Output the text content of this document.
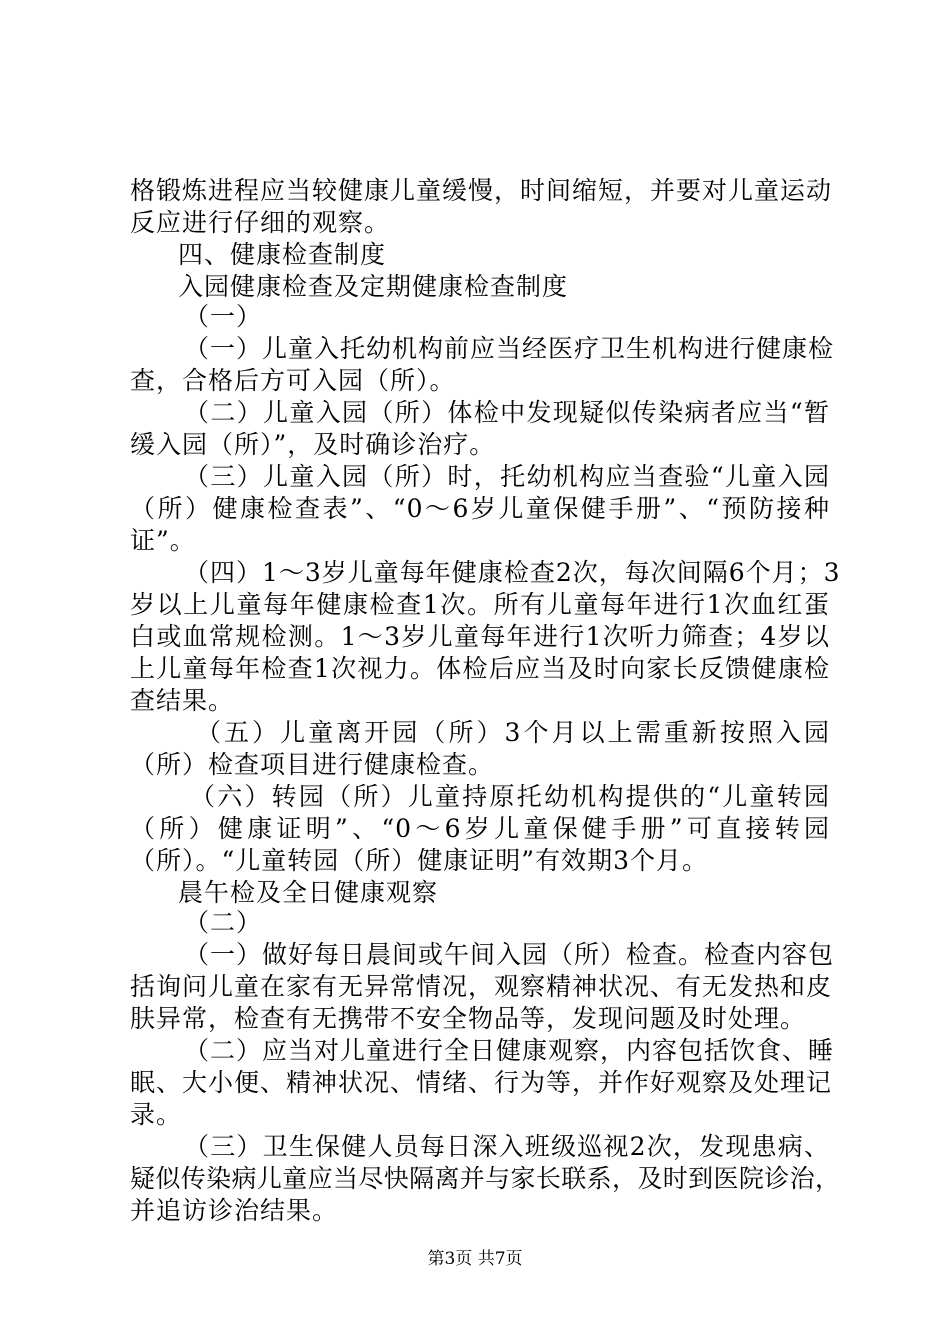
格锻炼进程应当较健康儿童缓慢，时间缩短，并要对儿童运动
反应进行仔细的观察。
四、健康检查制度
入园健康检查及定期健康检查制度
（一）
（一）儿童入托幼机构前应当经医疗卫生机构进行健康检
查，合格后方可入园（所）。
（二）儿童入园（所）体检中发现疑似传染病者应当“暂
缓入园（所）”，及时确诊治疗。
（三）儿童入园（所）时，托幼机构应当查验“儿童入园
（所）健康检查表”、“0～6岁儿童保健手册”、“预防接种
证”。
（四）1～3岁儿童每年健康检查2次，每次间隔6个月；3
岁以上儿童每年健康检查1次。所有儿童每年进行1次血红蛋
白或血常规检测。1～3岁儿童每年进行1次听力筛查；4岁以
上儿童每年检查1次视力。体检后应当及时向家长反馈健康检
查结果。
（五）儿童离开园（所）3个月以上需重新按照入园
（所）检查项目进行健康检查。
（六）转园（所）儿童持原托幼机构提供的“儿童转园
（所）健康证明”、“0～6岁儿童保健手册”可直接转园
（所）。“儿童转园（所）健康证明”有效期3个月。
晨午检及全日健康观察
（二）
（一）做好每日晨间或午间入园（所）检查。检查内容包
括询问儿童在家有无异常情况，观察精神状况、有无发热和皮
肤异常，检查有无携带不安全物品等，发现问题及时处理。
（二）应当对儿童进行全日健康观察，内容包括饮食、睡
眠、大小便、精神状况、情绪、行为等，并作好观察及处理记
录。
（三）卫生保健人员每日深入班级巡视2次，发现患病、
疑似传染病儿童应当尽快隔离并与家长联系，及时到医院诊治，
并追访诊治结果。
第3页 共7页
